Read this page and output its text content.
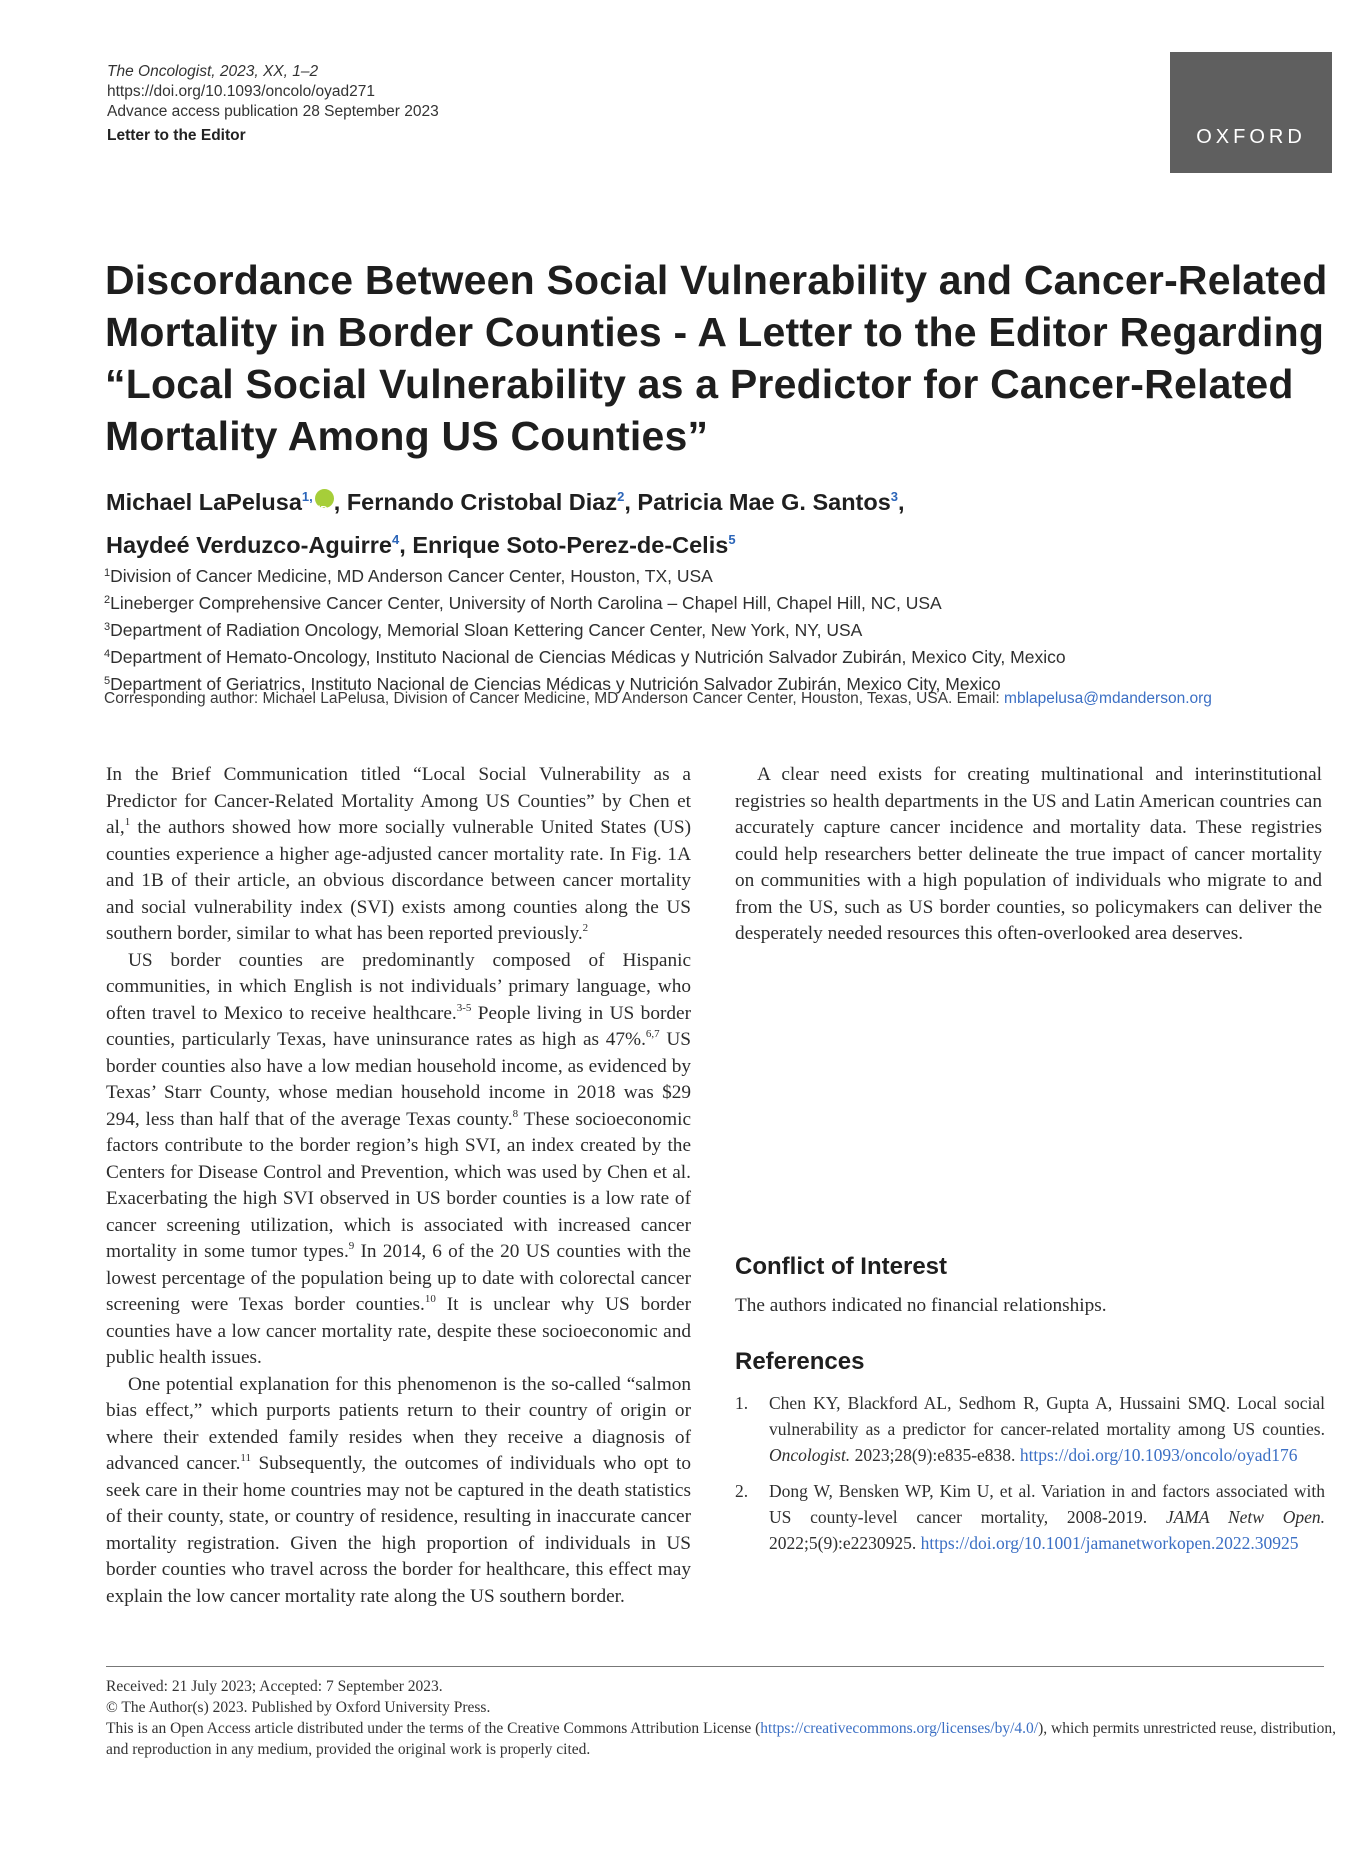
The Oncologist, 2023, XX, 1–2
https://doi.org/10.1093/oncolo/oyad271
Advance access publication 28 September 2023
Letter to the Editor	OXFORD
Discordance Between Social Vulnerability and Cancer-Related Mortality in Border Counties - A Letter to the Editor Regarding “Local Social Vulnerability as a Predictor for Cancer-Related Mortality Among US Counties”
Michael LaPelusa$^{1,}$iD , Fernando Cristobal Diaz$^2$, Patricia Mae G. Santos$^3$,
Haydeé Verduzco-Aguirre$^4$, Enrique Soto-Perez-de-Celis$^5$
$^1$Division of Cancer Medicine, MD Anderson Cancer Center, Houston, TX, USA
$^2$Lineberger Comprehensive Cancer Center, University of North Carolina – Chapel Hill, Chapel Hill, NC, USA
$^3$Department of Radiation Oncology, Memorial Sloan Kettering Cancer Center, New York, NY, USA
$^4$Department of Hemato-Oncology, Instituto Nacional de Ciencias Médicas y Nutrición Salvador Zubirán, Mexico City, Mexico
$^5$Department of Geriatrics, Instituto Nacional de Ciencias Médicas y Nutrición Salvador Zubirán, Mexico City, Mexico
Corresponding author: Michael LaPelusa, Division of Cancer Medicine, MD Anderson Cancer Center, Houston, Texas, USA. Email: mblapelusa@mdanderson.org

In the Brief Communication titled “Local Social Vulnerability as a Predictor for Cancer-Related Mortality Among US Counties” by Chen et al,$^1$ the authors showed how more socially vulnerable United States (US) counties experience a higher age-adjusted cancer mortality rate. In Fig. 1A and 1B of their article, an obvious discordance between cancer mortality and social vulnerability index (SVI) exists among counties along the US southern border, similar to what has been reported previously.$^2$

US border counties are predominantly composed of Hispanic communities, in which English is not individuals’ primary language, who often travel to Mexico to receive healthcare.$^{3-5}$ People living in US border counties, particularly Texas, have uninsurance rates as high as 47%.$^{6,7}$ US border counties also have a low median household income, as evidenced by Texas’ Starr County, whose median household income in 2018 was $29 294, less than half that of the average Texas county.$^8$ These socioeconomic factors contribute to the border region’s high SVI, an index created by the Centers for Disease Control and Prevention, which was used by Chen et al. Exacerbating the high SVI observed in US border counties is a low rate of cancer screening utilization, which is associated with increased cancer mortality in some tumor types.$^9$ In 2014, 6 of the 20 US counties with the lowest percentage of the population being up to date with colorectal cancer screening were Texas border counties.$^{10}$ It is unclear why US border counties have a low cancer mortality rate, despite these socioeconomic and public health issues.

One potential explanation for this phenomenon is the so-called “salmon bias effect,” which purports patients return to their country of origin or where their extended family resides when they receive a diagnosis of advanced cancer.$^{11}$ Subsequently, the outcomes of individuals who opt to seek care in their home countries may not be captured in the death statistics of their county, state, or country of residence, resulting in inaccurate cancer mortality registration. Given the high proportion of individuals in US border counties who travel across the border for healthcare, this effect may explain the low cancer mortality rate along the US southern border.

A clear need exists for creating multinational and interinstitutional registries so health departments in the US and Latin American countries can accurately capture cancer incidence and mortality data. These registries could help researchers better delineate the true impact of cancer mortality on communities with a high population of individuals who migrate to and from the US, such as US border counties, so policymakers can deliver the desperately needed resources this often-overlooked area deserves.

Conflict of Interest
The authors indicated no financial relationships.
References
1. Chen KY, Blackford AL, Sedhom R, Gupta A, Hussaini SMQ. Local social vulnerability as a predictor for cancer-related mortality among US counties. Oncologist. 2023;28(9):e835-e838. https://doi.org/10.1093/oncolo/oyad176
2. Dong W, Bensken WP, Kim U, et al. Variation in and factors associated with US county-level cancer mortality, 2008-2019. JAMA Netw Open. 2022;5(9):e2230925. https://doi.org/10.1001/jamanetworkopen.2022.30925
Received: 21 July 2023; Accepted: 7 September 2023.
© The Author(s) 2023. Published by Oxford University Press.
This is an Open Access article distributed under the terms of the Creative Commons Attribution License (https://creativecommons.org/licenses/by/4.0/), which permits unrestricted reuse, distribution, and reproduction in any medium, provided the original work is properly cited.
